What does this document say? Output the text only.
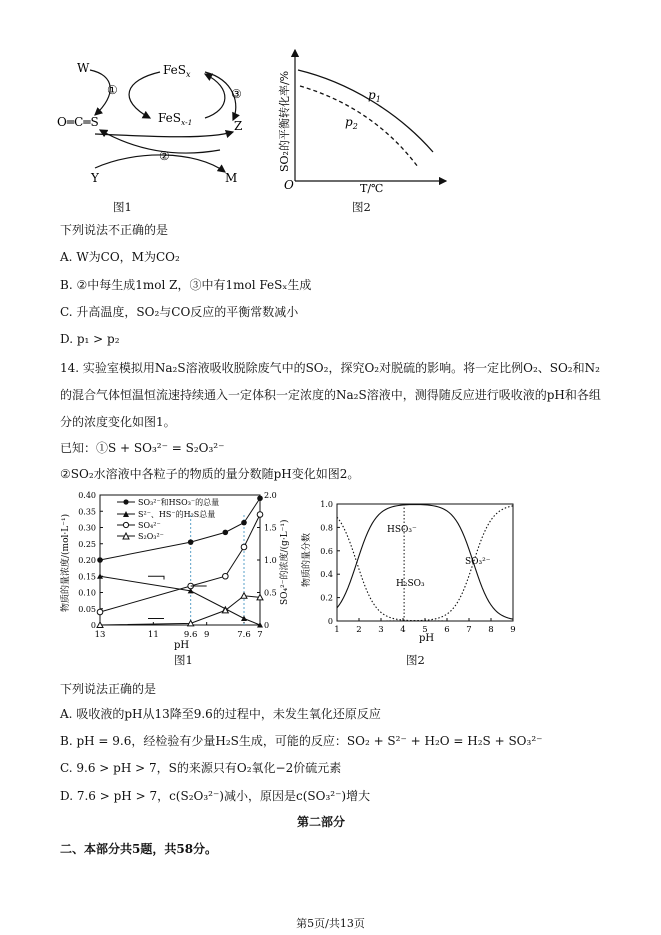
W	FeS$_x$
①	③
FeS$_{x-1}$
O═C═S	Z
②
Y	M
图1
$p_1$
$p_2$
O	T/℃
SO₂的平衡转化率/%
图2
下列说法不正确的是
A. W为CO，M为CO₂
B. ②中每生成1mol Z，③中有1mol FeSₓ生成
C. 升高温度，SO₂与CO反应的平衡常数减小
D. p₁ > p₂
14. 实验室模拟用Na₂S溶液吸收脱除废气中的SO₂，探究O₂对脱硫的影响。将一定比例O₂、SO₂和N₂
的混合气体恒温恒流速持续通入一定体积一定浓度的Na₂S溶液中，测得随反应进行吸收液的pH和各组
分的浓度变化如图1。
已知：①S + SO₃²⁻ = S₂O₃²⁻
②SO₂水溶液中各粒子的物质的量分数随pH变化如图2。
0
0.05
0.10
0.15
0.20
0.25
0.30
0.35
0.40
0
0.5
1.0
1.5
2.0
13	11	9.6 9	7.6 7
SO₃²⁻和HSO₃⁻的总量
S²⁻、HS⁻的H₂S总量
SO₄²⁻
S₂O₃²⁻
物质的量浓度/(mol·L⁻¹)	SO₄²⁻的浓度/(g·L⁻¹)
pH
图1
1 2 3 4 5 6 7 8 9
0
0.2
0.4
0.6
0.8
1.0
HSO₃⁻
H₂SO₃
SO₃²⁻
物质的量分数
pH
图2
下列说法正确的是
A. 吸收液的pH从13降至9.6的过程中，未发生氧化还原反应
B. pH = 9.6，经检验有少量H₂S生成，可能的反应：SO₂ + S²⁻ + H₂O = H₂S + SO₃²⁻
C. 9.6 > pH > 7，S的来源只有O₂氧化−2价硫元素
D. 7.6 > pH > 7，c(S₂O₃²⁻)减小，原因是c(SO₃²⁻)增大
第二部分
二、本部分共5题，共58分。
第5页/共13页
